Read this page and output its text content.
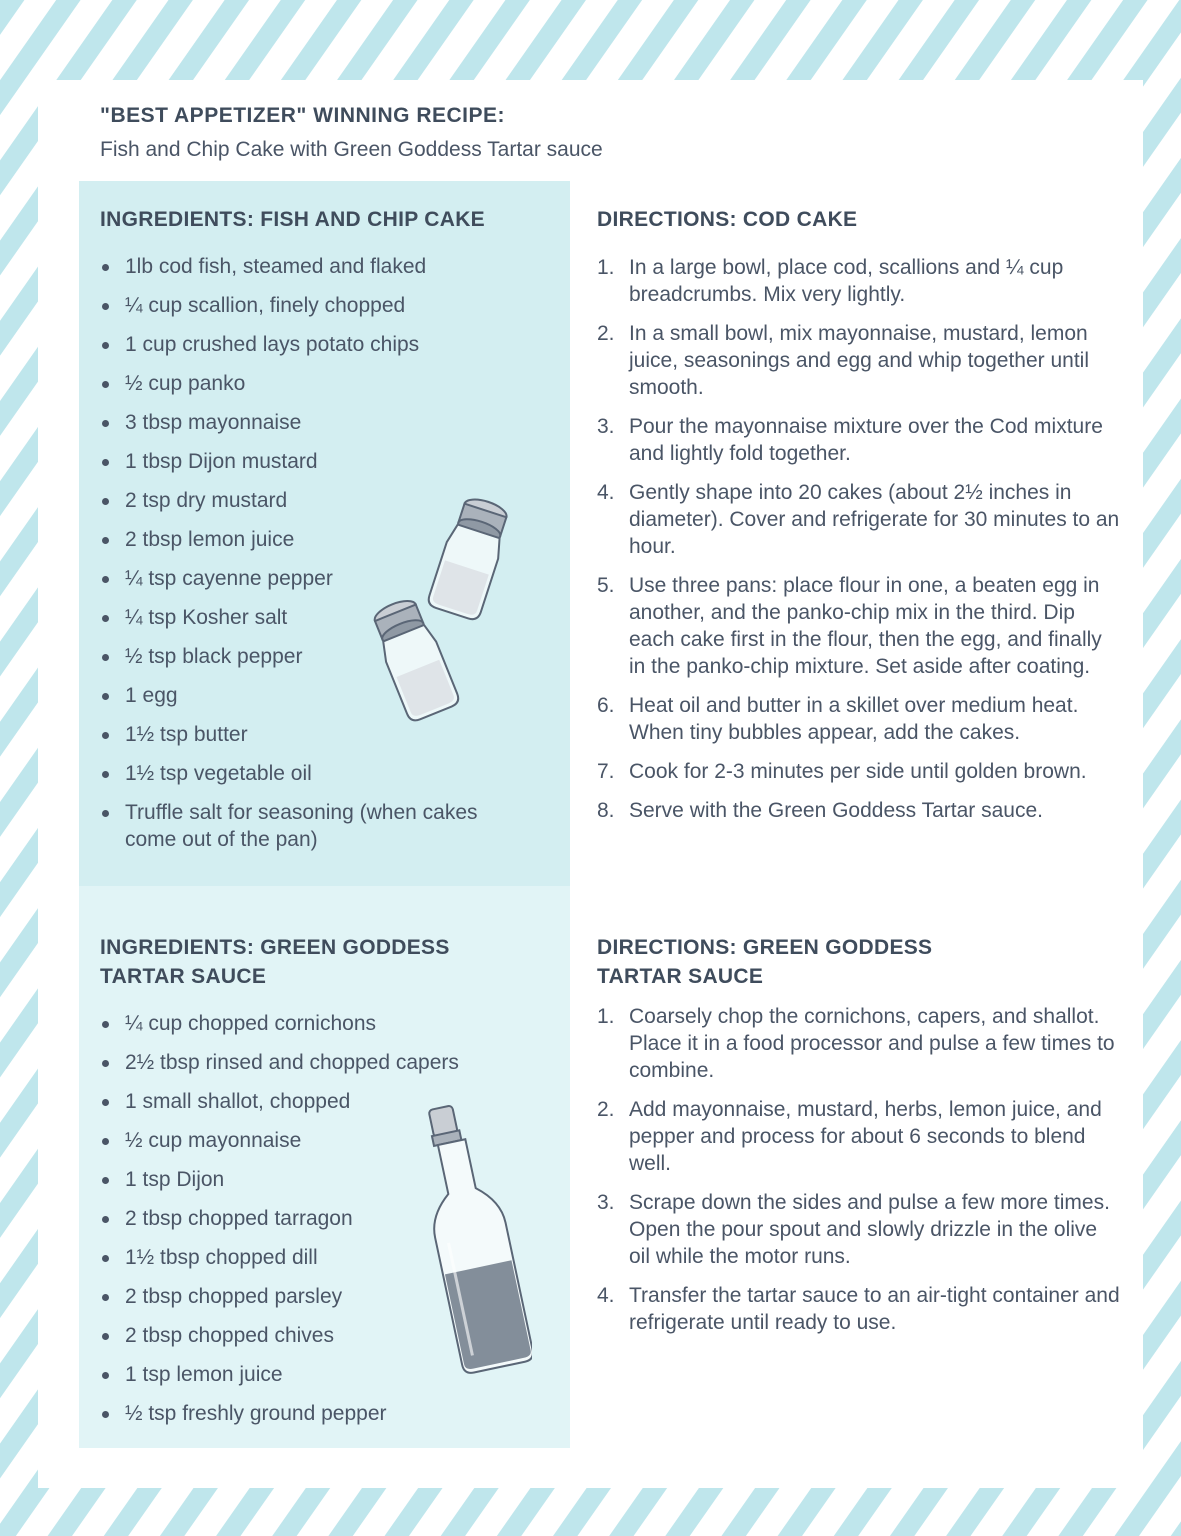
"BEST APPETIZER" WINNING RECIPE:
Fish and Chip Cake with Green Goddess Tartar sauce
INGREDIENTS: FISH AND CHIP CAKE
1lb cod fish, steamed and flaked
¼ cup scallion, finely chopped
1 cup crushed lays potato chips
½ cup panko
3 tbsp mayonnaise
1 tbsp Dijon mustard
2 tsp dry mustard
2 tbsp lemon juice
¼ tsp cayenne pepper
¼ tsp Kosher salt
½ tsp black pepper
1 egg
1½ tsp butter
1½ tsp vegetable oil
Truffle salt for seasoning (when cakes come out of the pan)
INGREDIENTS: GREEN GODDESS TARTAR SAUCE
¼ cup chopped cornichons
2½ tbsp rinsed and chopped capers
1 small shallot, chopped
½ cup mayonnaise
1 tsp Dijon
2 tbsp chopped tarragon
1½ tbsp chopped dill
2 tbsp chopped parsley
2 tbsp chopped chives
1 tsp lemon juice
½ tsp freshly ground pepper
DIRECTIONS: COD CAKE
1. In a large bowl, place cod, scallions and ¼ cup breadcrumbs. Mix very lightly.
2. In a small bowl, mix mayonnaise, mustard, lemon juice, seasonings and egg and whip together until smooth.
3. Pour the mayonnaise mixture over the Cod mixture and lightly fold together.
4. Gently shape into 20 cakes (about 2½ inches in diameter). Cover and refrigerate for 30 minutes to an hour.
5. Use three pans: place flour in one, a beaten egg in another, and the panko-chip mix in the third. Dip each cake first in the flour, then the egg, and finally in the panko-chip mixture. Set aside after coating.
6. Heat oil and butter in a skillet over medium heat. When tiny bubbles appear, add the cakes.
7. Cook for 2-3 minutes per side until golden brown.
8. Serve with the Green Goddess Tartar sauce.
DIRECTIONS: GREEN GODDESS TARTAR SAUCE
1. Coarsely chop the cornichons, capers, and shallot. Place it in a food processor and pulse a few times to combine.
2. Add mayonnaise, mustard, herbs, lemon juice, and pepper and process for about 6 seconds to blend well.
3. Scrape down the sides and pulse a few more times. Open the pour spout and slowly drizzle in the olive oil while the motor runs.
4. Transfer the tartar sauce to an air-tight container and refrigerate until ready to use.
